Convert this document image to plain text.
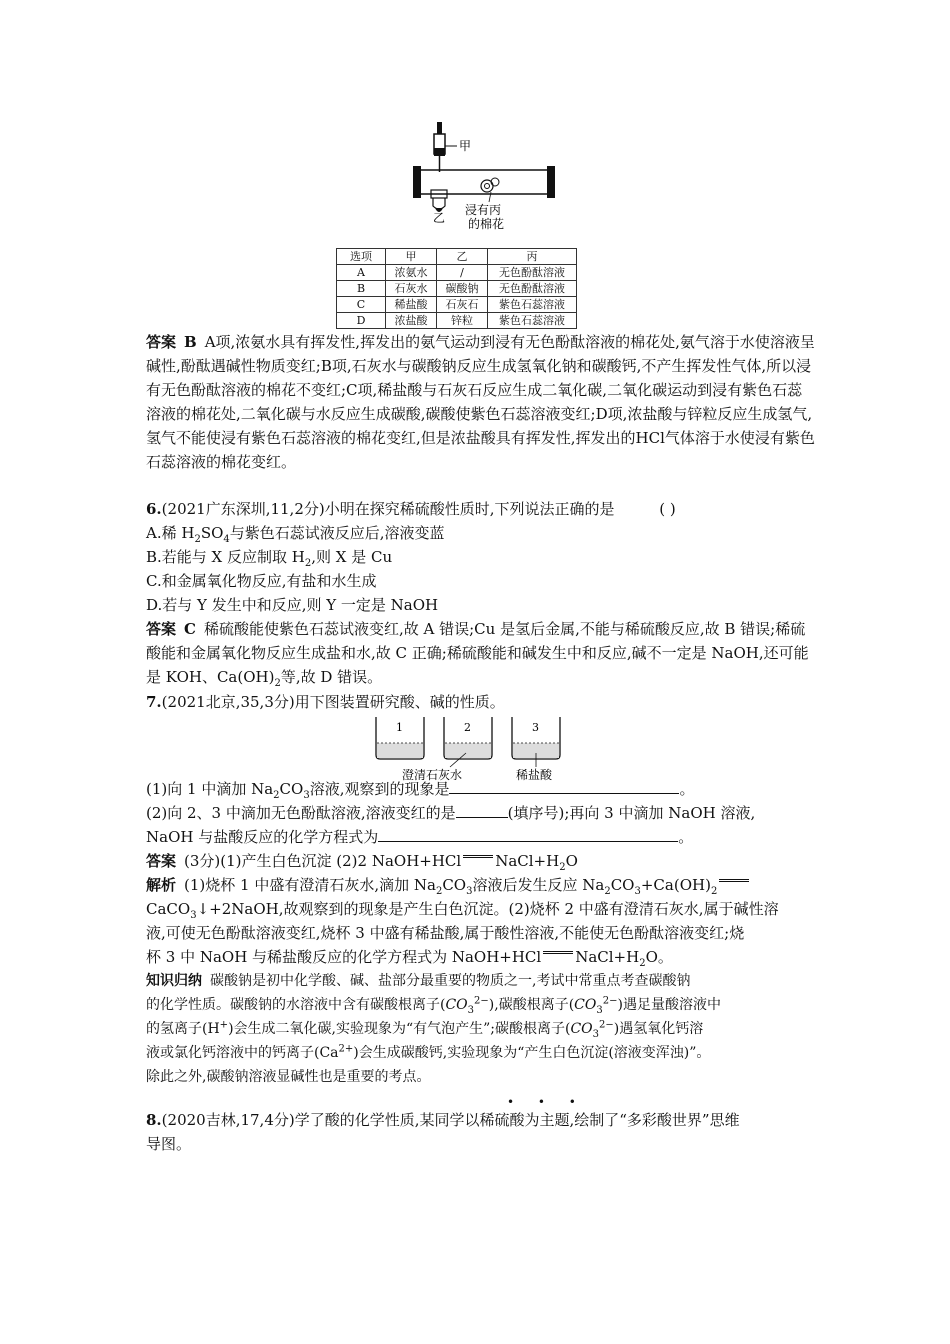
甲
乙
浸有丙
的棉花
选项	甲	乙	丙
A	浓氨水	/	无色酚酞溶液
B	石灰水	碳酸钠	无色酚酞溶液
C	稀盐酸	石灰石	紫色石蕊溶液
D	浓盐酸	锌粒	紫色石蕊溶液

答案 B A项,浓氨水具有挥发性,挥发出的氨气运动到浸有无色酚酞溶液的棉花处,氨气溶于水使溶液呈碱性,酚酞遇碱性物质变红;B项,石灰水与碳酸钠反应生成氢氧化钠和碳酸钙,不产生挥发性气体,所以浸有无色酚酞溶液的棉花不变红;C项,稀盐酸与石灰石反应生成二氧化碳,二氧化碳运动到浸有紫色石蕊溶液的棉花处,二氧化碳与水反应生成碳酸,碳酸使紫色石蕊溶液变红;D项,浓盐酸与锌粒反应生成氢气,氢气不能使浸有紫色石蕊溶液的棉花变红,但是浓盐酸具有挥发性,挥发出的HCl气体溶于水使浸有紫色石蕊溶液的棉花变红。

6.(2021广东深圳,11,2分)小明在探究稀硫酸性质时,下列说法正确的是	( )

A.稀 $H_2SO_4$与紫色石蕊试液反应后,溶液变蓝

B.若能与 X 反应制取 $H_2$,则 X 是 Cu

C.和金属氧化物反应,有盐和水生成

D.若与 Y 发生中和反应,则 Y 一定是 NaOH

答案 C 稀硫酸能使紫色石蕊试液变红,故 A 错误;Cu 是氢后金属,不能与稀硫酸反应,故 B 错误;稀硫酸能和金属氧化物反应生成盐和水,故 C 正确;稀硫酸能和碱发生中和反应,碱不一定是 NaOH,还可能是 KOH、$Ca(OH)_2$等,故 D 错误。

7.(2021北京,35,3分)用下图装置研究酸、碱的性质。

1	2	3
澄清石灰水	稀盐酸

(1)向 1 中滴加 $Na_2CO_3$溶液,观察到的现象是	。

(2)向 2、3 中滴加无色酚酞溶液,溶液变红的是	(填序号);再向 3 中滴加 NaOH 溶液,

NaOH 与盐酸反应的化学方程式为	。

答案 (3分)(1)产生白色沉淀 (2)2 NaOH+HCl $NaCl+H_2O$

解析 (1)烧杯 1 中盛有澄清石灰水,滴加 $Na_2CO_3$溶液后发生反应 $Na_2CO_3+Ca(OH)_2$

CaCO$_3$↓+2NaOH,故观察到的现象是产生白色沉淀。(2)烧杯 2 中盛有澄清石灰水,属于碱性溶

液,可使无色酚酞溶液变红,烧杯 3 中盛有稀盐酸,属于酸性溶液,不能使无色酚酞溶液变红;烧

杯 3 中 NaOH 与稀盐酸反应的化学方程式为 NaOH+HCl $NaCl+H_2O$。

知识归纳 碳酸钠是初中化学酸、碱、盐部分最重要的物质之一,考试中常重点考查碳酸钠

的化学性质。碳酸钠的水溶液中含有碳酸根离子$(CO_3^{2-})$,碳酸根离子$(CO_3^{2-})$遇足量酸溶液中

的氢离子(H+)会生成二氧化碳,实验现象为“有气泡产生”;碳酸根离子$(CO_3^{2-})$遇氢氧化钙溶

液或氯化钙溶液中的钙离子$(Ca^{2+})$会生成碳酸钙,实验现象为“产生白色沉淀(溶液变浑浊)”。

除此之外,碳酸钠溶液显碱性也是重要的考点。

• • •

8.(2020吉林,17,4分)学了酸的化学性质,某同学以稀硫酸为主题,绘制了“多彩酸世界”思维

导图。
